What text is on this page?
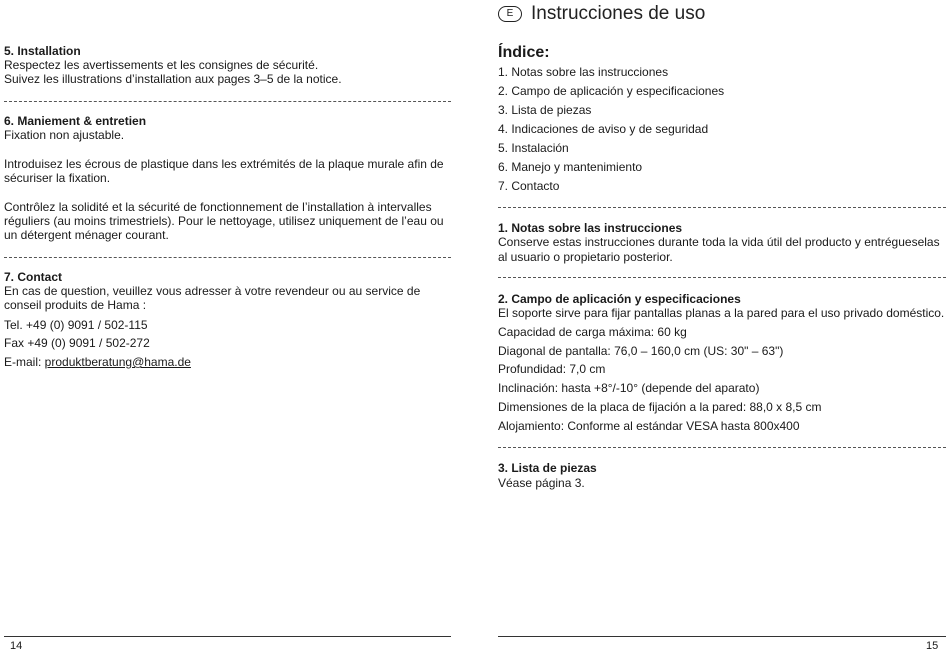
E Instrucciones de uso
5. Installation
Respectez les avertissements et les consignes de sécurité.
Suivez les illustrations d’installation aux pages 3–5 de la notice.
6. Maniement & entretien
Fixation non ajustable.
Introduisez les écrous de plastique dans les extrémités de la plaque murale afin de
sécuriser la fixation.
Contrôlez la solidité et la sécurité de fonctionnement de l’installation à intervalles
réguliers (au moins trimestriels). Pour le nettoyage, utilisez uniquement de l’eau ou
un détergent ménager courant.
7. Contact
En cas de question, veuillez vous adresser à votre revendeur ou au service de
conseil produits de Hama :
Tel. +49 (0) 9091 / 502-115
Fax +49 (0) 9091 / 502-272
E-mail: produktberatung@hama.de
Índice:
1. Notas sobre las instrucciones
2. Campo de aplicación y especificaciones
3. Lista de piezas
4. Indicaciones de aviso y de seguridad
5. Instalación
6. Manejo y mantenimiento
7. Contacto
1. Notas sobre las instrucciones
Conserve estas instrucciones durante toda la vida útil del producto y entrégueselas
al usuario o propietario posterior.
2. Campo de aplicación y especificaciones
El soporte sirve para fijar pantallas planas a la pared para el uso privado doméstico.
Capacidad de carga máxima: 60 kg
Diagonal de pantalla: 76,0 – 160,0 cm (US: 30" – 63")
Profundidad: 7,0 cm
Inclinación: hasta +8°/-10° (depende del aparato)
Dimensiones de la placa de fijación a la pared: 88,0 x 8,5 cm
Alojamiento: Conforme al estándar VESA hasta 800x400
3. Lista de piezas
Véase página 3.
14	15
